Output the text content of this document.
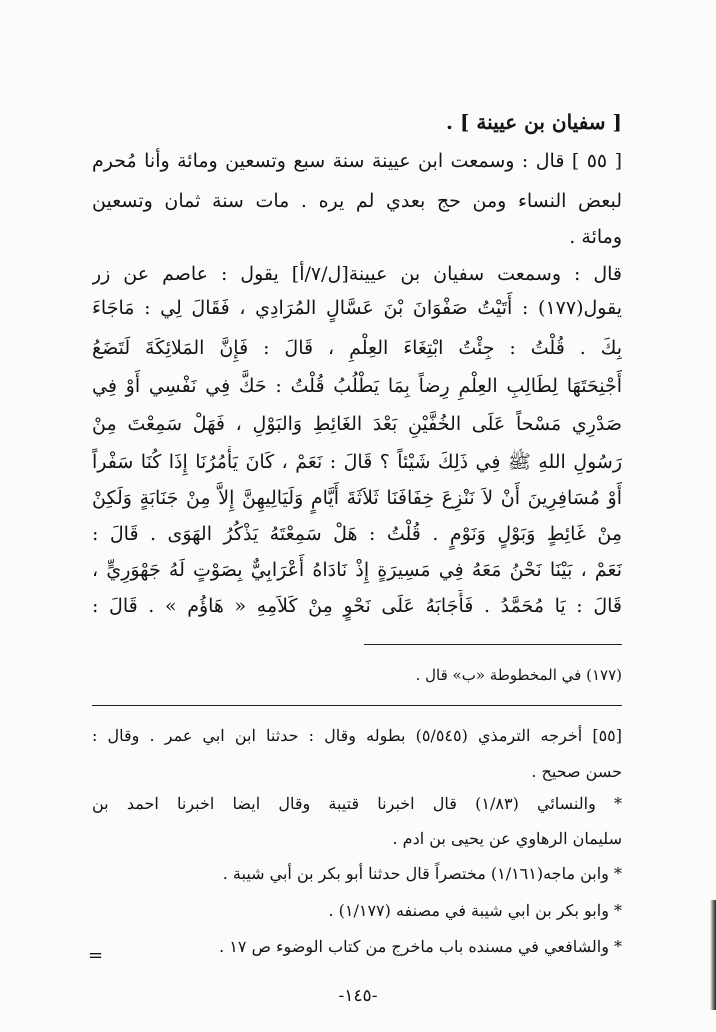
[ سفيان بن عيينة ] .
[ ٥٥ ] قال : وسمعت ابن عيينة سنة سبع وتسعين ومائة وأنا مُحرم
لبعض النساء ومن حج بعدي لم يره . مات سنة ثمان وتسعين
ومائة .
قال : وسمعت سفيان بن عيينة[ل/٧/أ] يقول : عاصم عن زر
يقول(١٧٧) : أَتَيْتُ صَفْوَانَ بْنَ عَسَّالٍ المُرَادِي ، فَقَالَ لِي : مَاجَاءَ
بِكَ . قُلْتُ : جِئْتُ ابْتِغَاءَ العِلْمِ ، قَالَ : فَإِنَّ المَلائِكَةَ لَتَضَعُ
أَجْنِحَتَهَا لِطَالِبِ العِلْمِ رِضاً بِمَا يَطْلُبُ قُلْتُ : حَكَّ فِي نَفْسِي أَوْ فِي
صَدْرِي مَسْحاً عَلَى الخُفَّيْنِ بَعْدَ الغَائِطِ وَالبَوْلِ ، فَهَلْ سَمِعْتَ مِنْ
رَسُولِ اللهِ ﷺ فِي ذَلِكَ شَيْئاً ؟ قَالَ : نَعَمْ ، كَانَ يَأْمُرُنَا إِذَا كُنَا سَفْراً
أَوْ مُسَافِرِينَ أَنْ لاَ نَنْزِعَ خِفَافَنَا ثَلاَثَةَ أَيَّامٍ وَلَيَالِيهِنَّ إِلاَّ مِنْ جَنَابَةٍ وَلَكِنْ
مِنْ غَائِطٍ وَبَوْلٍ وَنَوْمٍ . قُلْتُ : هَلْ سَمِعْتَهُ يَذْكُرُ الهَوَى . قَالَ :
نَعَمْ ، بَيْنَا نَحْنُ مَعَهُ فِي مَسِيرَةٍ إِذْ نَادَاهُ أَعْرَابِيٌّ بِصَوْتٍ لَهُ جَهْوَرِيٍّ ،
قَالَ : يَا مُحَمَّدُ . فَأَجَابَهُ عَلَى نَحْوٍ مِنْ كَلاَمِهِ « هَاؤُم » . قَالَ :
(١٧٧) في المخطوطة «ب» قال .
[٥٥] أخرجه الترمذي (٥/٥٤٥) بطوله وقال : حدثنا ابن ابي عمر . وقال :
حسن صحيح .
* والنسائي (١/٨٣) قال اخبرنا قتيبة وقال ايضا اخبرنا احمد بن
سليمان الرهاوي عن يحيى بن ادم .
* وابن ماجه(١/١٦١) مختصراً قال حدثنا أبو بكر بن أبي شيبة .
* وابو بكر بن ابي شيبة في مصنفه (١/١٧٧) .
* والشافعي في مسنده باب ماخرج من كتاب الوضوء ص ١٧ .
=
-١٤٥-
